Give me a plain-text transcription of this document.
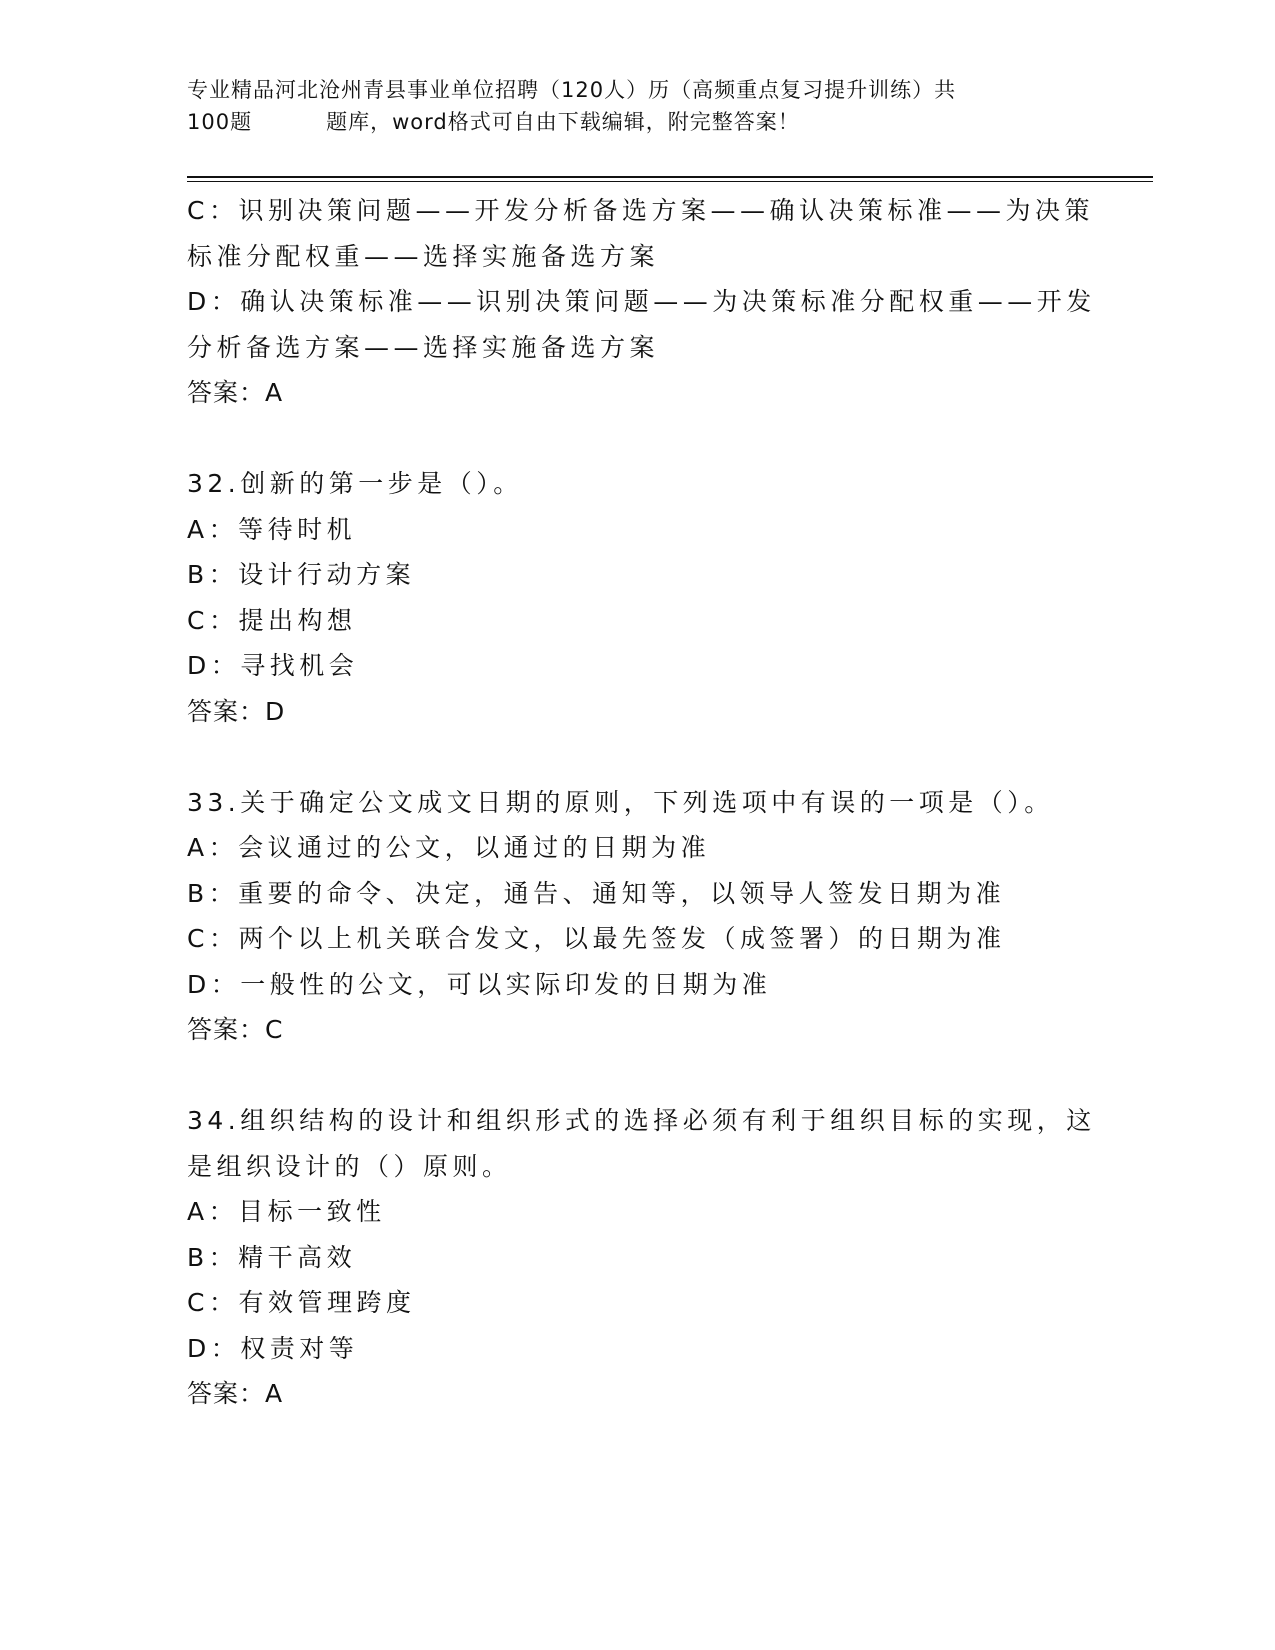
专业精品河北沧州青县事业单位招聘（120人）历（高频重点复习提升训练）共
100题	题库，word格式可自由下载编辑，附完整答案！
C：识别决策问题——开发分析备选方案——确认决策标准——为决策
标准分配权重——选择实施备选方案
D：确认决策标准——识别决策问题——为决策标准分配权重——开发
分析备选方案——选择实施备选方案
答案：A
32.创新的第一步是（）。
A：等待时机
B：设计行动方案
C：提出构想
D：寻找机会
答案：D
33.关于确定公文成文日期的原则，下列选项中有误的一项是（）。
A：会议通过的公文，以通过的日期为准
B：重要的命令、决定，通告、通知等，以领导人签发日期为准
C：两个以上机关联合发文，以最先签发（成签署）的日期为准
D：一般性的公文，可以实际印发的日期为准
答案：C
34.组织结构的设计和组织形式的选择必须有利于组织目标的实现，这
是组织设计的（）原则。
A：目标一致性
B：精干高效
C：有效管理跨度
D：权责对等
答案：A
